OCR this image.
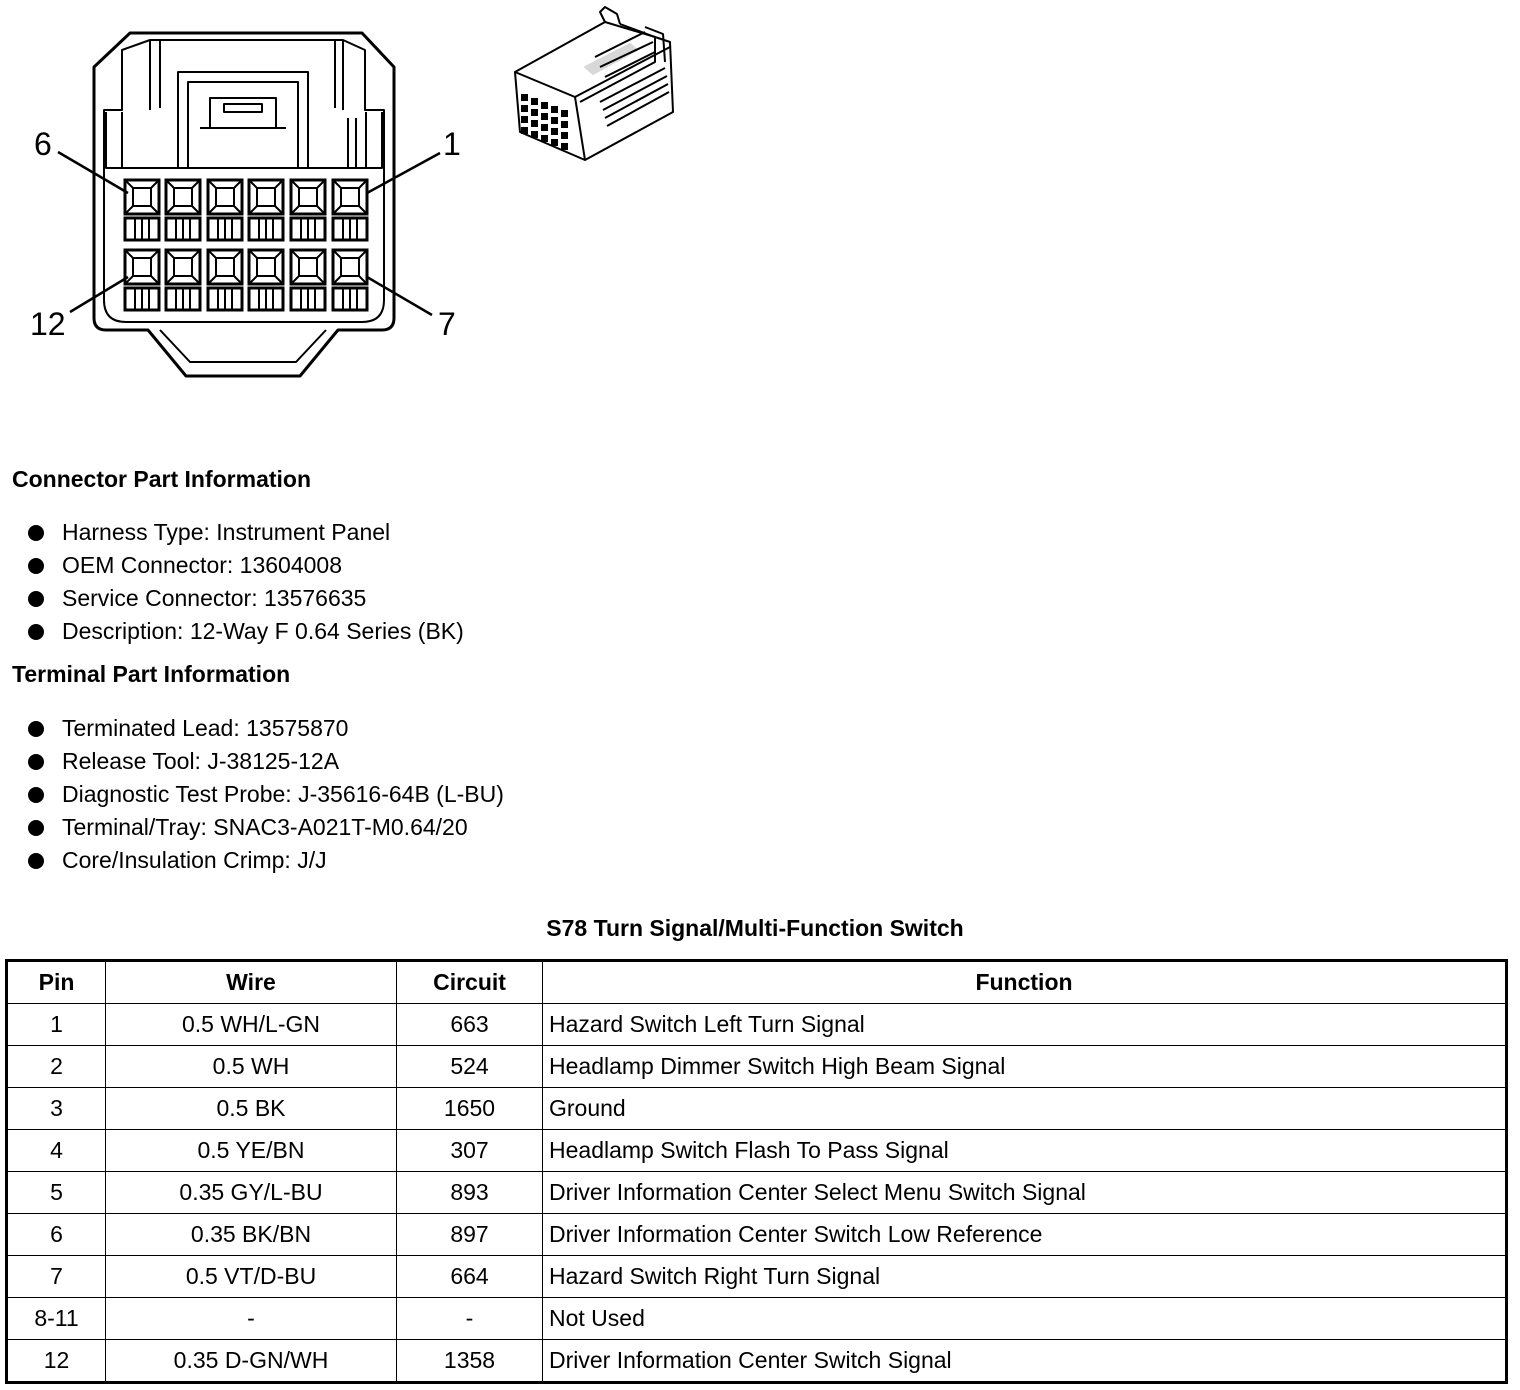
6	1
12	7
Connector Part Information
Harness Type: Instrument Panel
OEM Connector: 13604008
Service Connector: 13576635
Description: 12-Way F 0.64 Series (BK)
Terminal Part Information
Terminated Lead: 13575870
Release Tool: J-38125-12A
Diagnostic Test Probe: J-35616-64B (L-BU)
Terminal/Tray: SNAC3-A021T-M0.64/20
Core/Insulation Crimp: J/J
S78 Turn Signal/Multi-Function Switch
Pin	Wire	Circuit	Function
1	0.5 WH/L-GN	663	Hazard Switch Left Turn Signal
2	0.5 WH	524	Headlamp Dimmer Switch High Beam Signal
3	0.5 BK	1650	Ground
4	0.5 YE/BN	307	Headlamp Switch Flash To Pass Signal
5	0.35 GY/L-BU	893	Driver Information Center Select Menu Switch Signal
6	0.35 BK/BN	897	Driver Information Center Switch Low Reference
7	0.5 VT/D-BU	664	Hazard Switch Right Turn Signal
8-11	-	-	Not Used
12	0.35 D-GN/WH	1358	Driver Information Center Switch Signal
